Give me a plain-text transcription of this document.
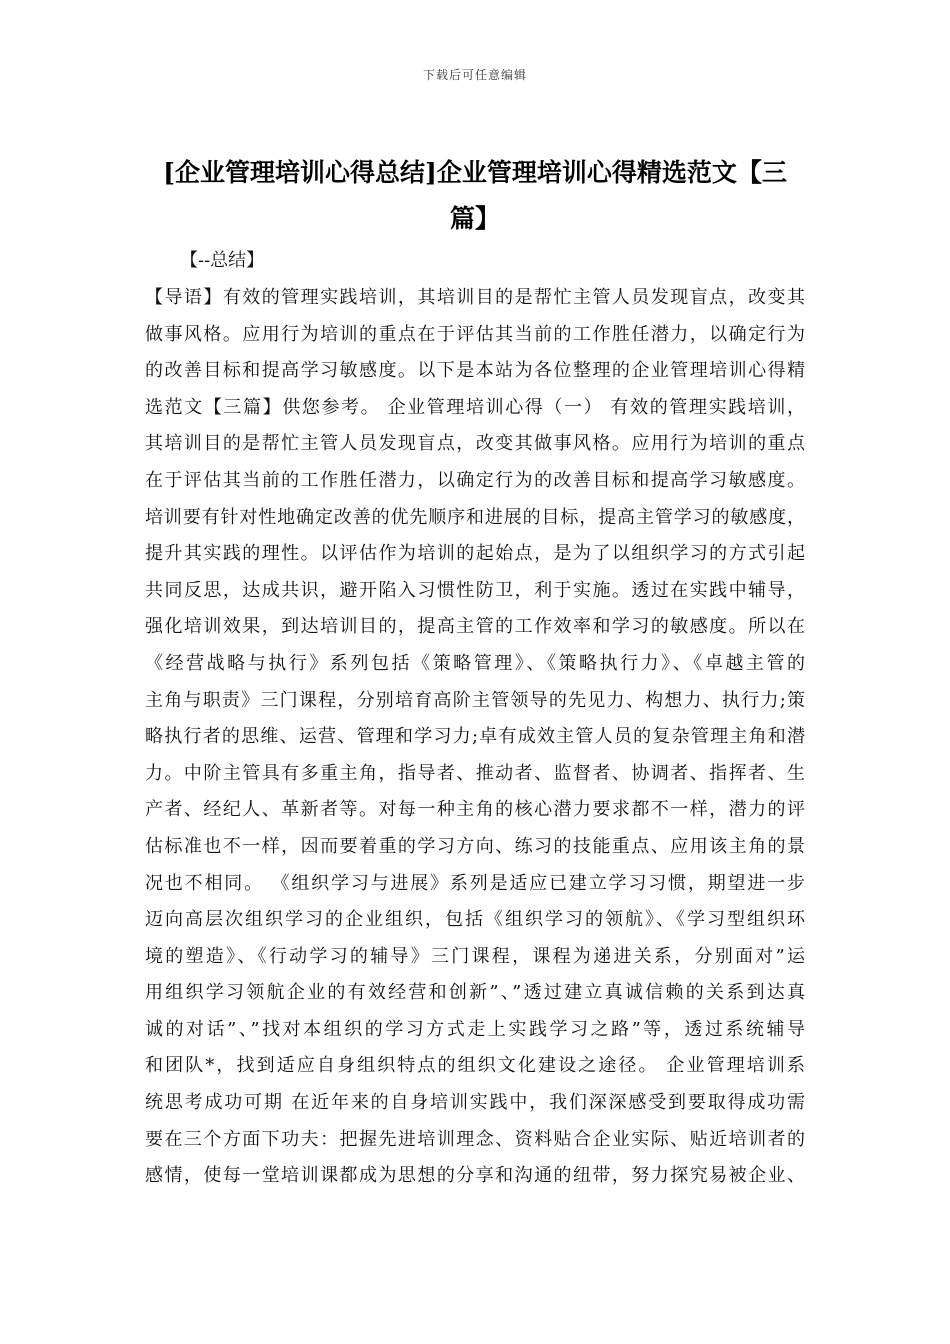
下载后可任意编辑
[企业管理培训心得总结]企业管理培训心得精选范文【三篇】
【--总结】
【导语】有效的管理实践培训，其培训目的是帮忙主管人员发现盲点，改变其
做事风格。应用行为培训的重点在于评估其当前的工作胜任潜力，以确定行为
的改善目标和提高学习敏感度。以下是本站为各位整理的企业管理培训心得精
选范文【三篇】供您参考。 企业管理培训心得（一） 有效的管理实践培训，
其培训目的是帮忙主管人员发现盲点，改变其做事风格。应用行为培训的重点
在于评估其当前的工作胜任潜力，以确定行为的改善目标和提高学习敏感度。
培训要有针对性地确定改善的优先顺序和进展的目标，提高主管学习的敏感度，
提升其实践的理性。以评估作为培训的起始点，是为了以组织学习的方式引起
共同反思，达成共识，避开陷入习惯性防卫，利于实施。透过在实践中辅导，
强化培训效果，到达培训目的，提高主管的工作效率和学习的敏感度。所以在
《经营战略与执行》系列包括《策略管理》、《策略执行力》、《卓越主管的
主角与职责》三门课程，分别培育高阶主管领导的先见力、构想力、执行力;策
略执行者的思维、运营、管理和学习力;卓有成效主管人员的复杂管理主角和潜
力。中阶主管具有多重主角，指导者、推动者、监督者、协调者、指挥者、生
产者、经纪人、革新者等。对每一种主角的核心潜力要求都不一样，潜力的评
估标准也不一样，因而要着重的学习方向、练习的技能重点、应用该主角的景
况也不相同。 《组织学习与进展》系列是适应已建立学习习惯，期望进一步
迈向高层次组织学习的企业组织，包括《组织学习的领航》、《学习型组织环
境的塑造》、《行动学习的辅导》三门课程，课程为递进关系，分别面对”运
用组织学习领航企业的有效经营和创新”、”透过建立真诚信赖的关系到达真
诚的对话”、”找对本组织的学习方式走上实践学习之路”等，透过系统辅导
和团队*，找到适应自身组织特点的组织文化建设之途径。 企业管理培训系
统思考成功可期 在近年来的自身培训实践中，我们深深感受到要取得成功需
要在三个方面下功夫：把握先进培训理念、资料贴合企业实际、贴近培训者的
感情，使每一堂培训课都成为思想的分享和沟通的纽带，努力探究易被企业、
